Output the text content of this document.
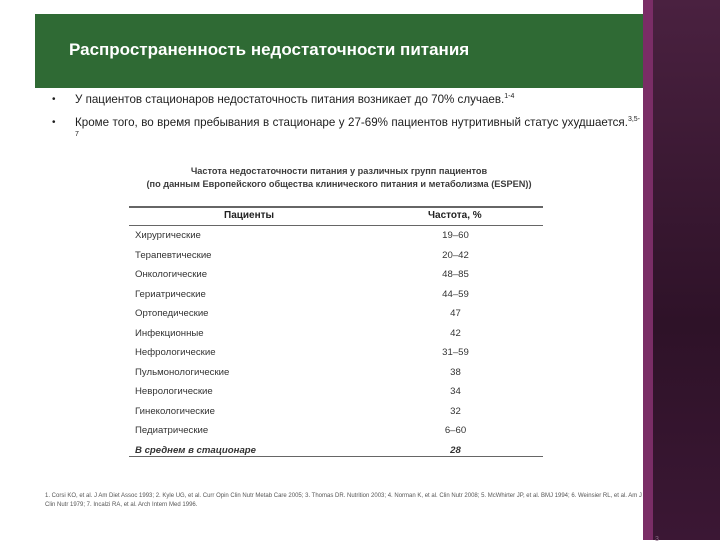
Распространенность недостаточности питания
• У пациентов стационаров недостаточность питания возникает до 70% случаев.$^{1-4}$
• Кроме того, во время пребывания в стационаре у 27-69% пациентов нутритивный статус ухудшается.$^{3,5-7}$
Частота недостаточности питания у различных групп пациентов
(по данным Европейского общества клинического питания и метаболизма (ESPEN))
Пациенты	Частота, %
Хирургические	19–60
Терапевтические	20–42
Онкологические	48–85
Гериатрические	44–59
Ортопедические	47
Инфекционные	42
Нефрологические	31–59
Пульмонологические	38
Неврологические	34
Гинекологические	32
Педиатрические	6–60
В среднем в стационаре	28
1. Corsi KO, et al. J Am Diet Assoc 1993; 2. Kyle UG, et al. Curr Opin Clin Nutr Metab Care 2005; 3. Thomas DR. Nutrition 2003; 4. Norman K, et al. Clin Nutr 2008; 5. McWhirter JP, et al. BMJ 1994; 6. Weinsier RL, et al. Am J Clin Nutr 1979; 7. Incalzi RA, et al. Arch Intern Med 1996.
3
